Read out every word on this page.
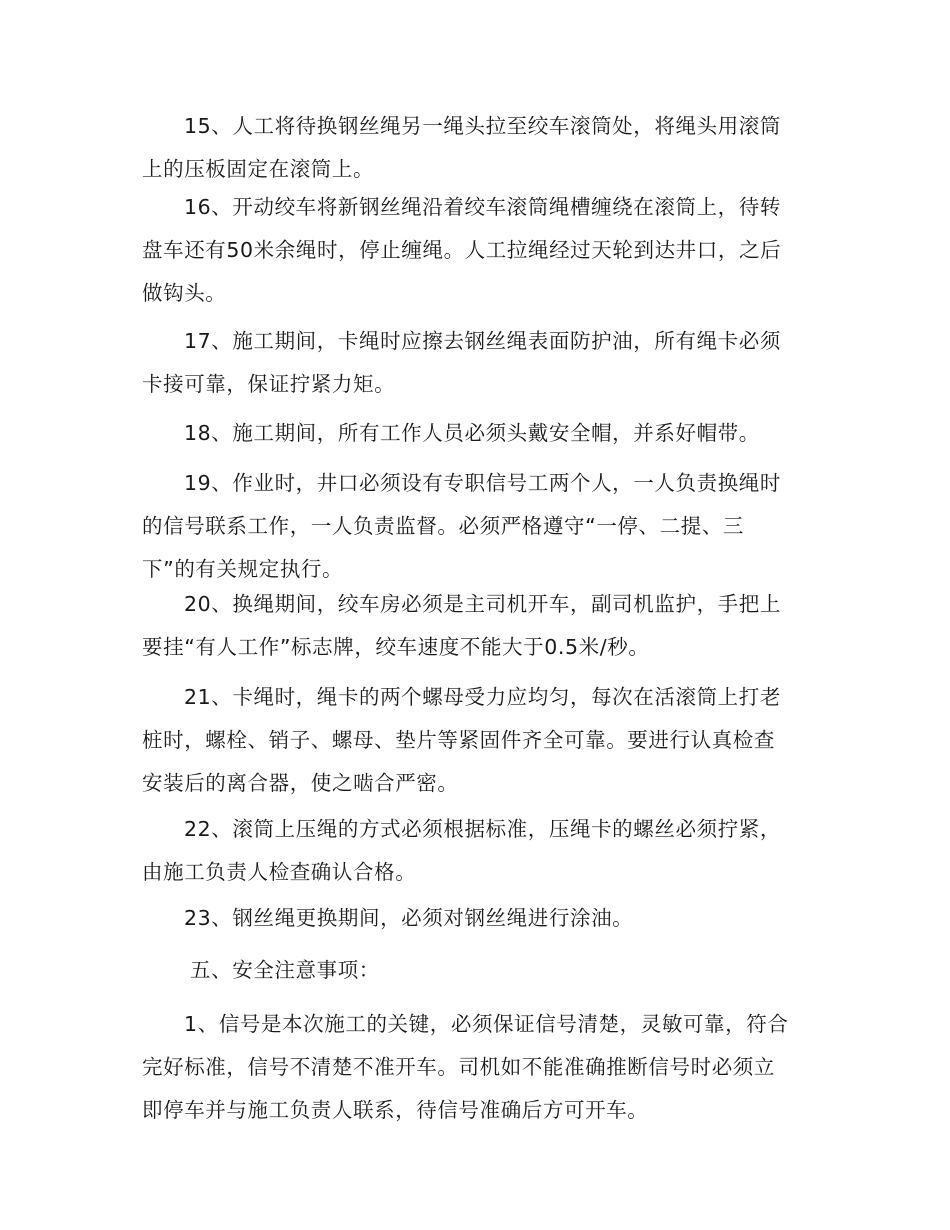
15、人工将待换钢丝绳另一绳头拉至绞车滚筒处，将绳头用滚筒
上的压板固定在滚筒上。
16、开动绞车将新钢丝绳沿着绞车滚筒绳槽缠绕在滚筒上，待转
盘车还有50米余绳时，停止缠绳。人工拉绳经过天轮到达井口，之后
做钩头。
17、施工期间，卡绳时应擦去钢丝绳表面防护油，所有绳卡必须
卡接可靠，保证拧紧力矩。
18、施工期间，所有工作人员必须头戴安全帽，并系好帽带。
19、作业时，井口必须设有专职信号工两个人，一人负责换绳时
的信号联系工作，一人负责监督。必须严格遵守“一停、二提、三
下”的有关规定执行。
20、换绳期间，绞车房必须是主司机开车，副司机监护，手把上
要挂“有人工作”标志牌，绞车速度不能大于0.5米/秒。
21、卡绳时，绳卡的两个螺母受力应均匀，每次在活滚筒上打老
桩时，螺栓、销子、螺母、垫片等紧固件齐全可靠。要进行认真检查
安装后的离合器，使之啮合严密。
22、滚筒上压绳的方式必须根据标准，压绳卡的螺丝必须拧紧，
由施工负责人检查确认合格。
23、钢丝绳更换期间，必须对钢丝绳进行涂油。
五、安全注意事项：
1、信号是本次施工的关键，必须保证信号清楚，灵敏可靠，符合
完好标准，信号不清楚不准开车。司机如不能准确推断信号时必须立
即停车并与施工负责人联系，待信号准确后方可开车。
